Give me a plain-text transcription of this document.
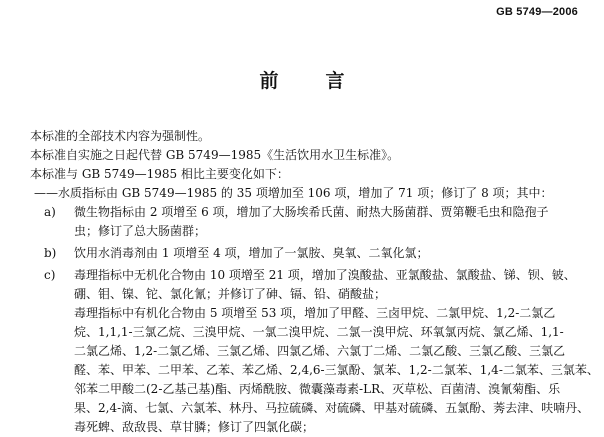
GB 5749—2006
前　言

本标准的全部技术内容为强制性。

本标准自实施之日起代替 GB 5749—1985《生活饮用水卫生标准》。

本标准与 GB 5749—1985 相比主要变化如下：

——水质指标由 GB 5749—1985 的 35 项增加至 106 项，增加了 71 项；修订了 8 项；其中：

a)	微生物指标由 2 项增至 6 项，增加了大肠埃希氏菌、耐热大肠菌群、贾第鞭毛虫和隐孢子

虫；修订了总大肠菌群；

b)	饮用水消毒剂由 1 项增至 4 项，增加了一氯胺、臭氧、二氧化氯；

c)	毒理指标中无机化合物由 10 项增至 21 项，增加了溴酸盐、亚氯酸盐、氯酸盐、锑、钡、铍、

硼、钼、镍、铊、氯化氰；并修订了砷、镉、铅、硝酸盐；

毒理指标中有机化合物由 5 项增至 53 项，增加了甲醛、三卤甲烷、二氯甲烷、1,2-二氯乙

烷、1,1,1-三氯乙烷、三溴甲烷、一氯二溴甲烷、二氯一溴甲烷、环氧氯丙烷、氯乙烯、1,1-

二氯乙烯、1,2-二氯乙烯、三氯乙烯、四氯乙烯、六氯丁二烯、二氯乙酸、三氯乙酸、三氯乙

醛、苯、甲苯、二甲苯、乙苯、苯乙烯、2,4,6-三氯酚、氯苯、1,2-二氯苯、1,4-二氯苯、三氯苯、

邻苯二甲酸二(2-乙基己基)酯、丙烯酰胺、微囊藻毒素-LR、灭草松、百菌清、溴氰菊酯、乐

果、2,4-滴、七氯、六氯苯、林丹、马拉硫磷、对硫磷、甲基对硫磷、五氯酚、莠去津、呋喃丹、

毒死蜱、敌敌畏、草甘膦；修订了四氯化碳；
